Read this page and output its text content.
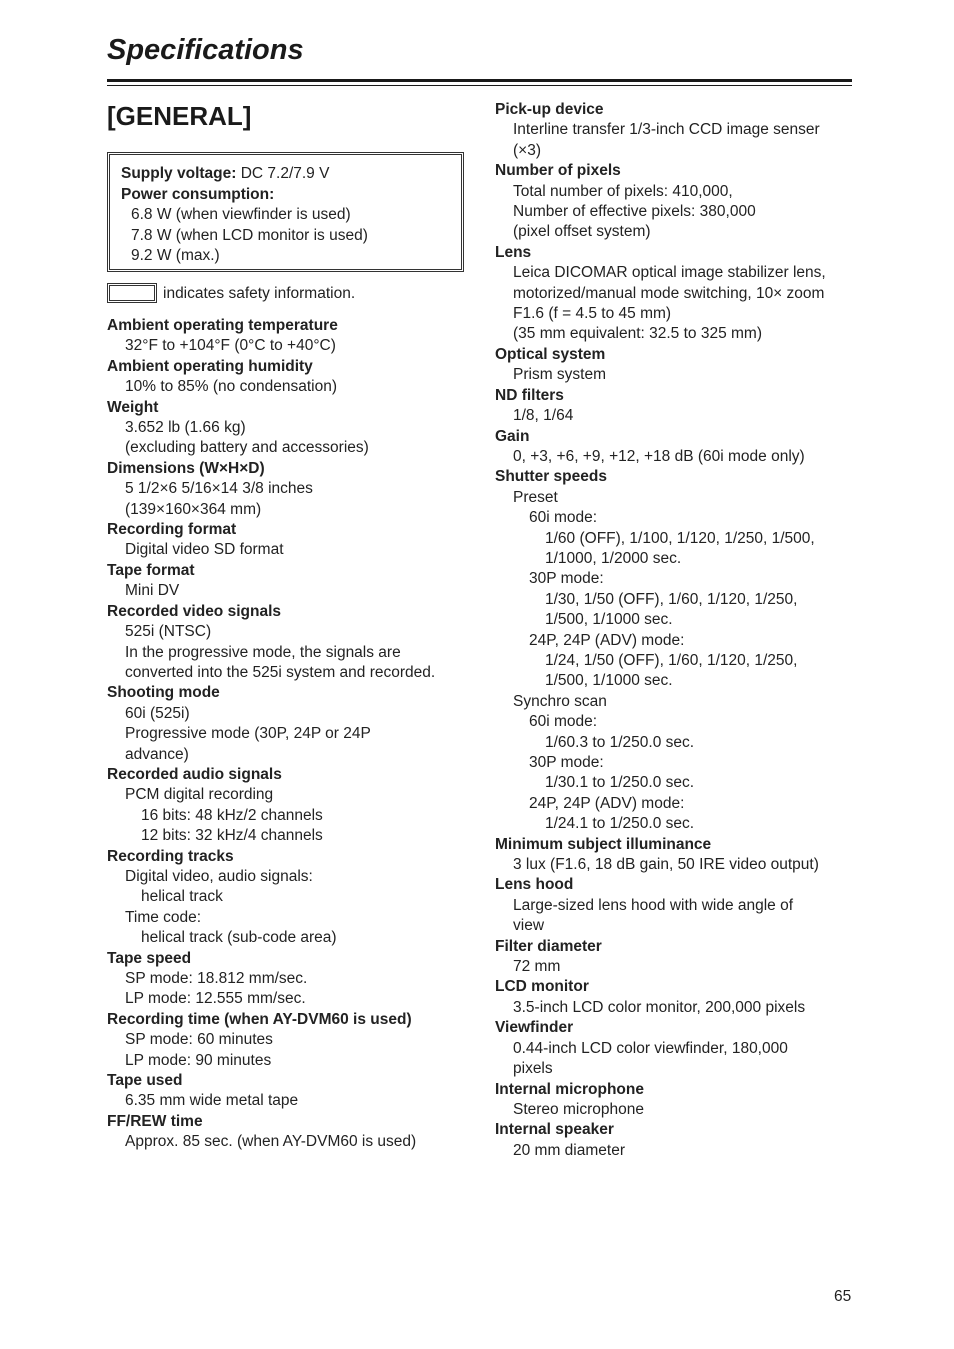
Specifications
[GENERAL]
Supply voltage: DC 7.2/7.9 V
Power consumption:
6.8 W (when viewfinder is used)
7.8 W (when LCD monitor is used)
9.2 W (max.)
indicates safety information.
Ambient operating temperature
32°F to +104°F (0°C to +40°C)
Ambient operating humidity
10% to 85% (no condensation)
Weight
3.652 lb (1.66 kg)
(excluding battery and accessories)
Dimensions (W×H×D)
5 1/2×6 5/16×14 3/8 inches
(139×160×364 mm)
Recording format
Digital video SD format
Tape format
Mini DV
Recorded video signals
525i (NTSC)
In the progressive mode, the signals are
converted into the 525i system and recorded.
Shooting mode
60i (525i)
Progressive mode (30P, 24P or 24P
advance)
Recorded audio signals
PCM digital recording
16 bits: 48 kHz/2 channels
12 bits: 32 kHz/4 channels
Recording tracks
Digital video, audio signals:
helical track
Time code:
helical track (sub-code area)
Tape speed
SP mode: 18.812 mm/sec.
LP mode: 12.555 mm/sec.
Recording time (when AY-DVM60 is used)
SP mode: 60 minutes
LP mode: 90 minutes
Tape used
6.35 mm wide metal tape
FF/REW time
Approx. 85 sec. (when AY-DVM60 is used)
Pick-up device
Interline transfer 1/3-inch CCD image senser
(×3)
Number of pixels
Total number of pixels: 410,000,
Number of effective pixels: 380,000
(pixel offset system)
Lens
Leica DICOMAR optical image stabilizer lens,
motorized/manual mode switching, 10× zoom
F1.6 (f = 4.5 to 45 mm)
(35 mm equivalent: 32.5 to 325 mm)
Optical system
Prism system
ND filters
1/8, 1/64
Gain
0, +3, +6, +9, +12, +18 dB (60i mode only)
Shutter speeds
Preset
60i mode:
1/60 (OFF), 1/100, 1/120, 1/250, 1/500,
1/1000, 1/2000 sec.
30P mode:
1/30, 1/50 (OFF), 1/60, 1/120, 1/250,
1/500, 1/1000 sec.
24P, 24P (ADV) mode:
1/24, 1/50 (OFF), 1/60, 1/120, 1/250,
1/500, 1/1000 sec.
Synchro scan
60i mode:
1/60.3 to 1/250.0 sec.
30P mode:
1/30.1 to 1/250.0 sec.
24P, 24P (ADV) mode:
1/24.1 to 1/250.0 sec.
Minimum subject illuminance
3 lux (F1.6, 18 dB gain, 50 IRE video output)
Lens hood
Large-sized lens hood with wide angle of
view
Filter diameter
72 mm
LCD monitor
3.5-inch LCD color monitor, 200,000 pixels
Viewfinder
0.44-inch LCD color viewfinder, 180,000
pixels
Internal microphone
Stereo microphone
Internal speaker
20 mm diameter
65
